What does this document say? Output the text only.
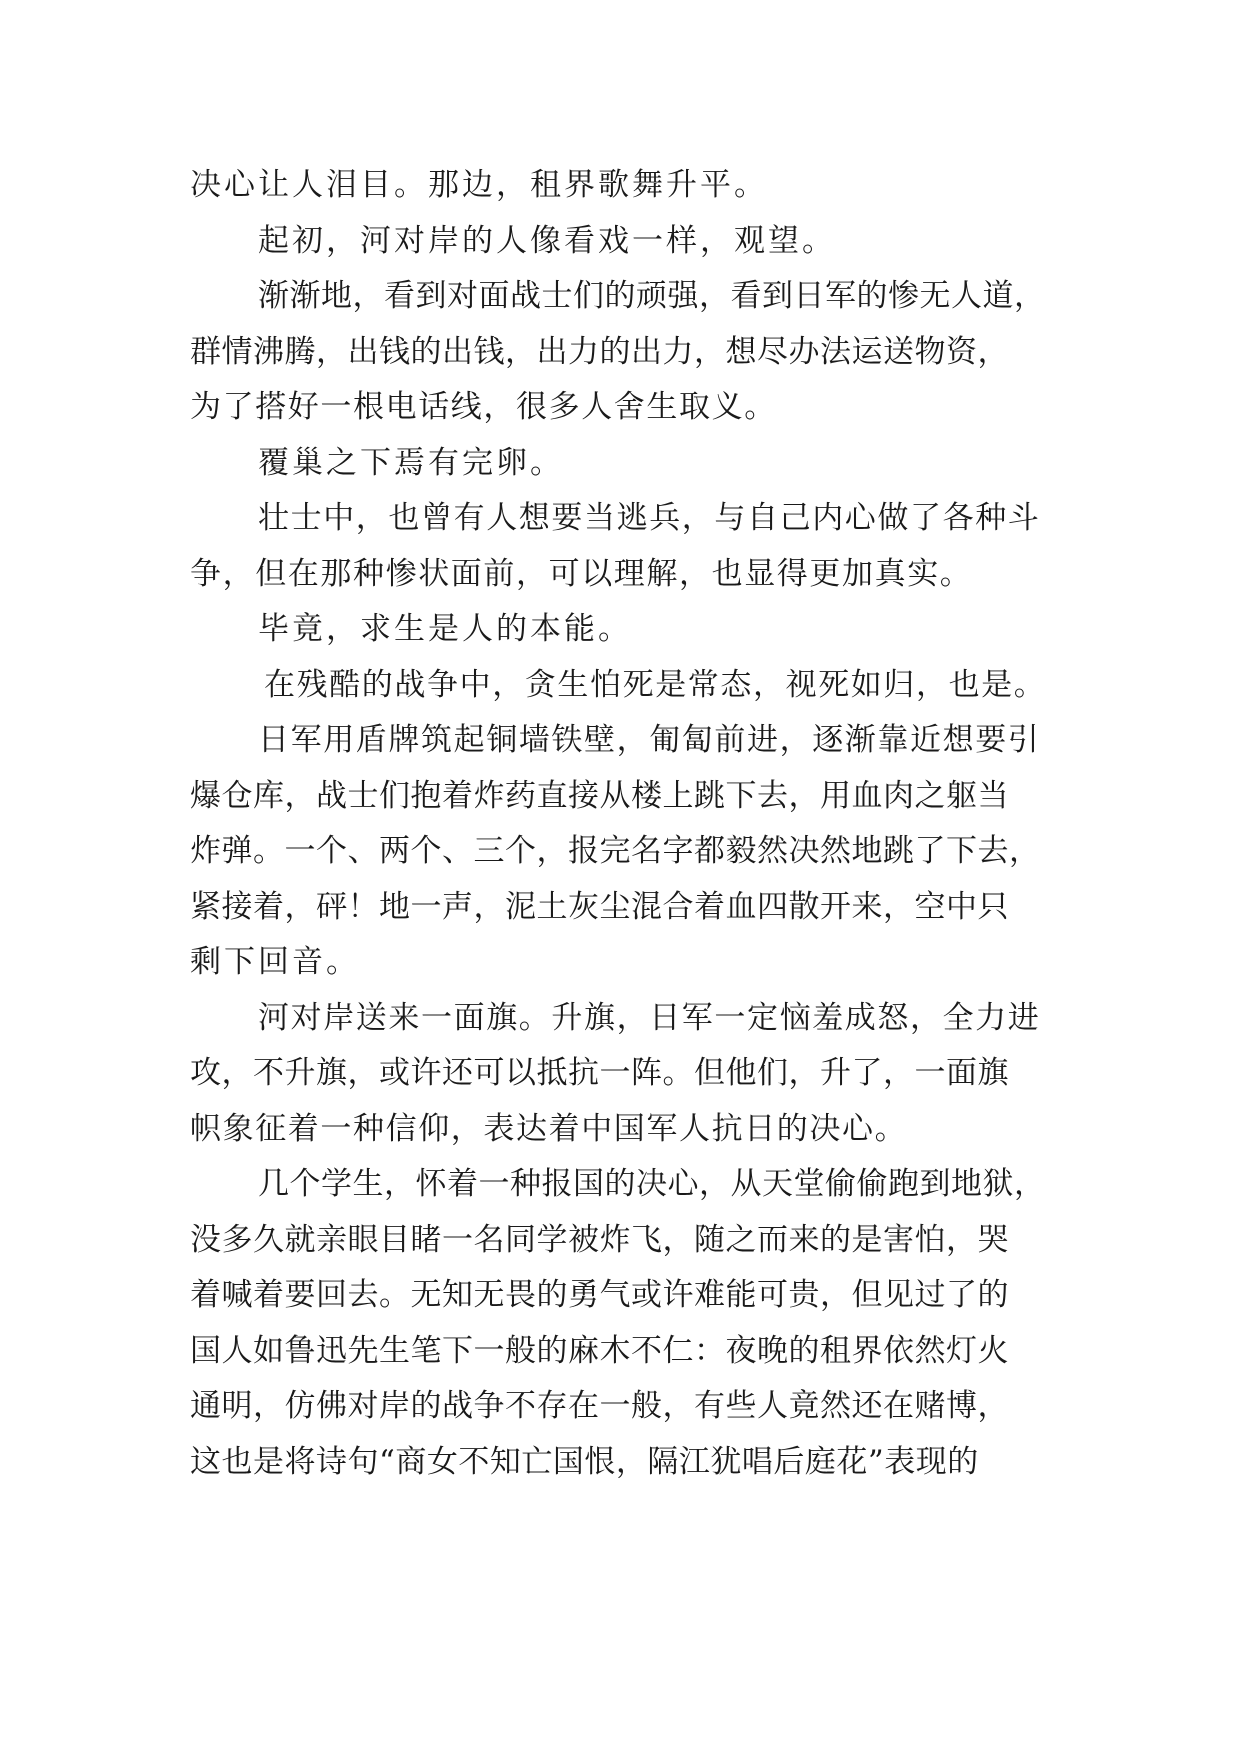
决心让人泪目。那边，租界歌舞升平。
起初，河对岸的人像看戏一样，观望。
渐渐地，看到对面战士们的顽强，看到日军的惨无人道，
群情沸腾，出钱的出钱，出力的出力，想尽办法运送物资，
为了搭好一根电话线，很多人舍生取义。
覆巢之下焉有完卵。
壮士中，也曾有人想要当逃兵，与自己内心做了各种斗
争，但在那种惨状面前，可以理解，也显得更加真实。
毕竟，求生是人的本能。
在残酷的战争中，贪生怕死是常态，视死如归，也是。
日军用盾牌筑起铜墙铁壁，匍匐前进，逐渐靠近想要引
爆仓库，战士们抱着炸药直接从楼上跳下去，用血肉之躯当
炸弹。一个、两个、三个，报完名字都毅然决然地跳了下去，
紧接着，砰！地一声，泥土灰尘混合着血四散开来，空中只
剩下回音。
河对岸送来一面旗。升旗，日军一定恼羞成怒，全力进
攻，不升旗，或许还可以抵抗一阵。但他们，升了，一面旗
帜象征着一种信仰，表达着中国军人抗日的决心。
几个学生，怀着一种报国的决心，从天堂偷偷跑到地狱，
没多久就亲眼目睹一名同学被炸飞，随之而来的是害怕，哭
着喊着要回去。无知无畏的勇气或许难能可贵，但见过了的
国人如鲁迅先生笔下一般的麻木不仁：夜晚的租界依然灯火
通明，仿佛对岸的战争不存在一般，有些人竟然还在赌博，
这也是将诗句“商女不知亡国恨，隔江犹唱后庭花”表现的
